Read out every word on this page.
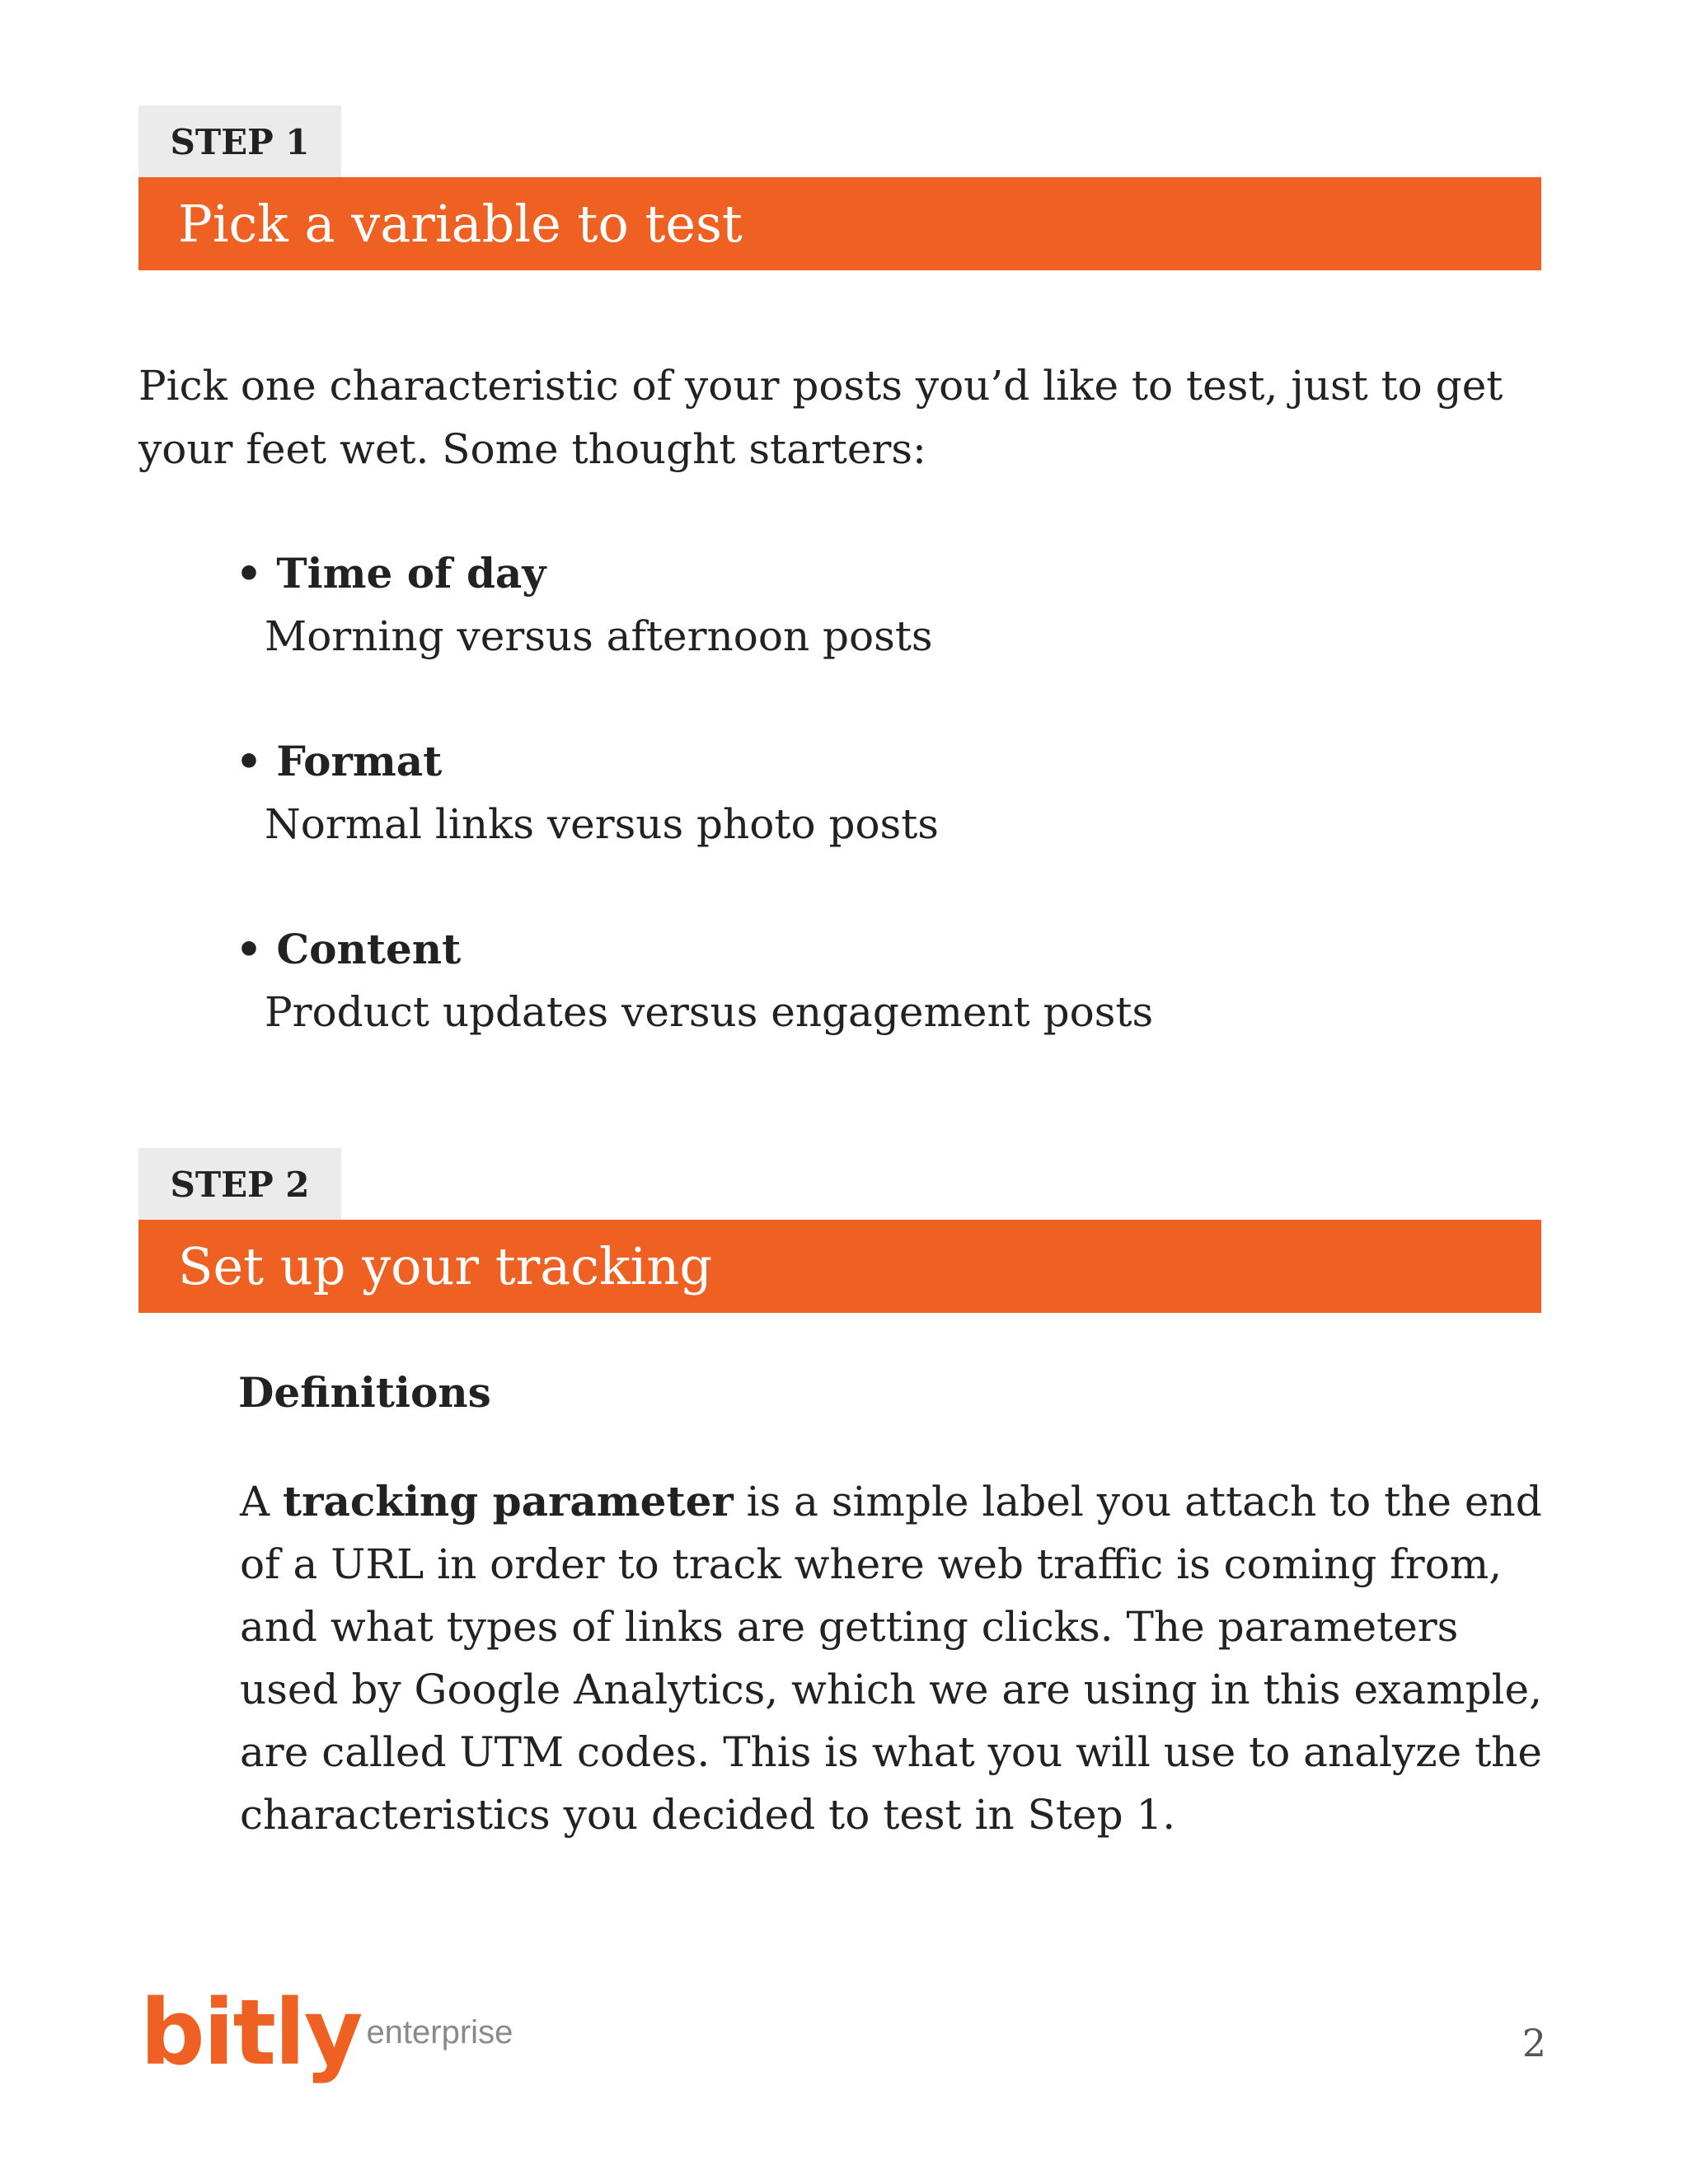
STEP 1
Pick a variable to test

Pick one characteristic of your posts you’d like to test, just to get your feet wet. Some thought starters:

• Time of day
Morning versus afternoon posts
• Format
Normal links versus photo posts
• Content
Product updates versus engagement posts
STEP 2
Set up your tracking
Definitions

A tracking parameter is a simple label you attach to the end of a URL in order to track where web traffic is coming from, and what types of links are getting clicks. The parameters used by Google Analytics, which we are using in this example, are called UTM codes. This is what you will use to analyze the characteristics you decided to test in Step 1.

bitly enterprise	2
